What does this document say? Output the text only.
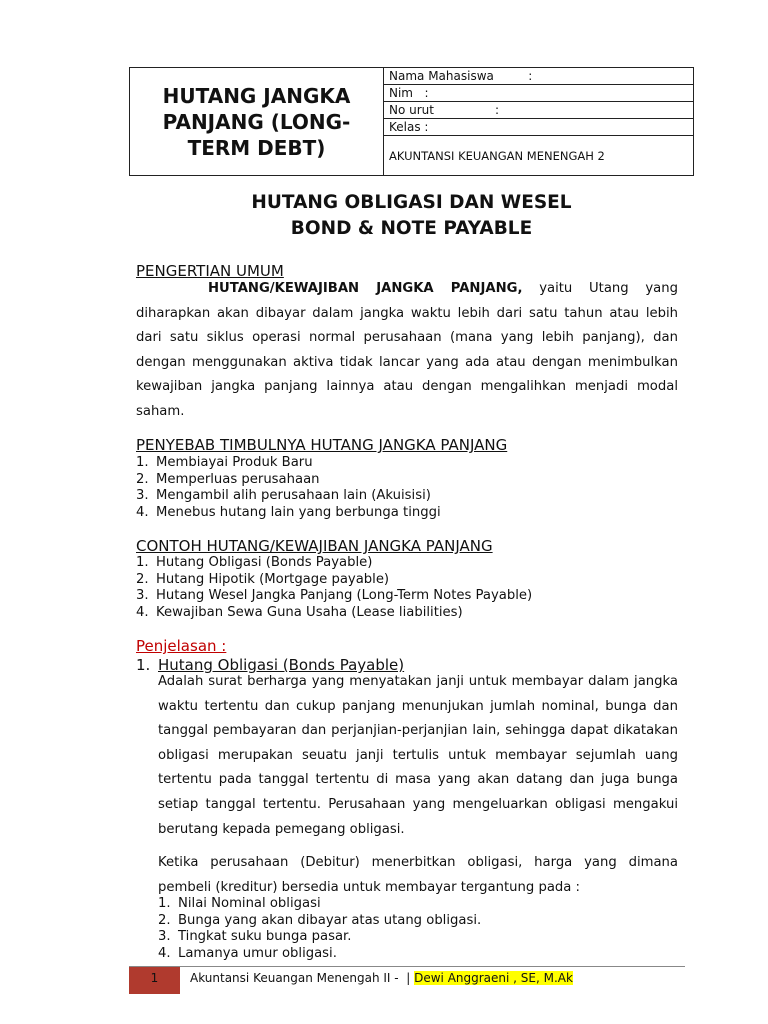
HUTANG JANGKA PANJANG (LONG-TERM DEBT)
Nama Mahasiswa         :
Nim   :
No urut                :
Kelas :
AKUNTANSI KEUANGAN MENENGAH 2
HUTANG OBLIGASI DAN WESEL
BOND & NOTE PAYABLE
PENGERTIAN UMUM
HUTANG/KEWAJIBAN JANGKA PANJANG, yaitu Utang yang diharapkan akan dibayar dalam jangka waktu lebih dari satu tahun atau lebih dari satu siklus operasi normal perusahaan (mana yang lebih panjang), dan dengan menggunakan aktiva tidak lancar yang ada atau dengan menimbulkan kewajiban jangka panjang lainnya atau dengan mengalihkan menjadi modal saham.
PENYEBAB TIMBULNYA HUTANG JANGKA PANJANG
1. Membiayai Produk Baru
2. Memperluas perusahaan
3. Mengambil alih perusahaan lain (Akuisisi)
4. Menebus hutang lain yang berbunga tinggi
CONTOH HUTANG/KEWAJIBAN JANGKA PANJANG
1. Hutang Obligasi (Bonds Payable)
2. Hutang Hipotik (Mortgage payable)
3. Hutang Wesel Jangka Panjang (Long-Term Notes Payable)
4. Kewajiban Sewa Guna Usaha (Lease liabilities)
Penjelasan :
1. Hutang Obligasi (Bonds Payable)
Adalah surat berharga yang menyatakan janji untuk membayar dalam jangka waktu tertentu dan cukup panjang menunjukan jumlah nominal, bunga dan tanggal pembayaran dan perjanjian-perjanjian lain, sehingga dapat dikatakan obligasi merupakan seuatu janji tertulis untuk membayar sejumlah uang tertentu pada tanggal tertentu di masa yang akan datang dan juga bunga setiap tanggal tertentu. Perusahaan yang mengeluarkan obligasi mengakui berutang kepada pemegang obligasi.
Ketika perusahaan (Debitur) menerbitkan obligasi, harga yang dimana pembeli (kreditur) bersedia untuk membayar tergantung pada :
1. Nilai Nominal obligasi
2. Bunga yang akan dibayar atas utang obligasi.
3. Tingkat suku bunga pasar.
4. Lamanya umur obligasi.
1	Akuntansi Keuangan Menengah II -  | Dewi Anggraeni , SE, M.Ak
